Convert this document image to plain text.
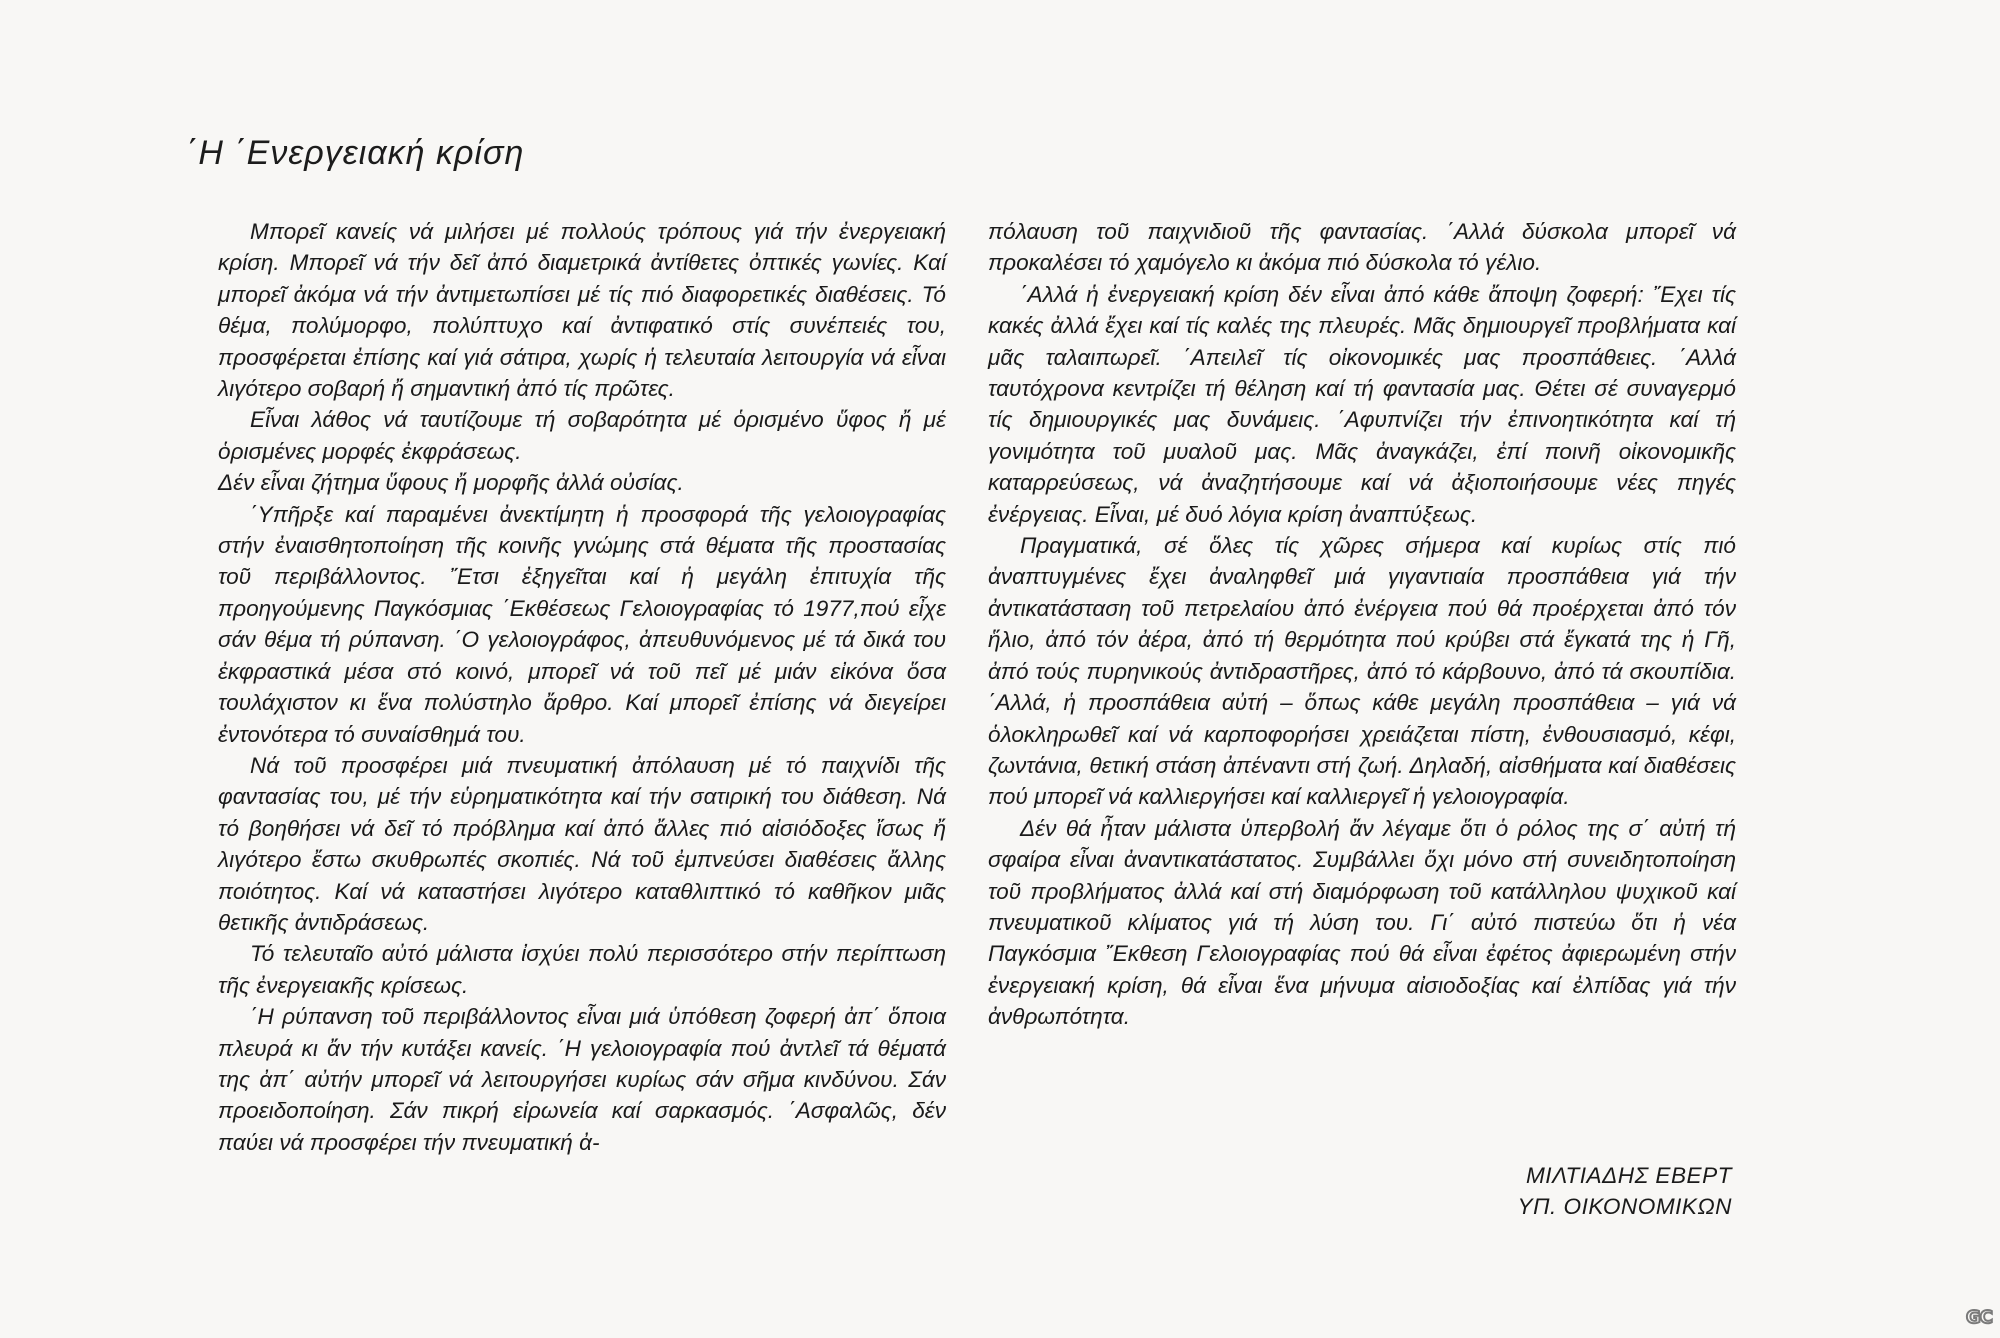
΄Η ΄Ενεργειακή κρίση

Μπορεῖ κανείς νά μιλήσει μέ πολλούς τρόπους γιά τήν ἐνεργειακή κρίση. Μπορεῖ νά τήν δεῖ ἀπό διαμετρικά ἀντίθετες ὀπτικές γωνίες. Καί μπορεῖ ἀκόμα νά τήν ἀντιμετωπίσει μέ τίς πιό διαφορετικές διαθέσεις. Τό θέμα, πολύμορφο, πολύπτυχο καί ἀντιφατικό στίς συνέπειές του, προσφέρεται ἐπίσης καί γιά σάτιρα, χωρίς ἡ τελευταία λειτουργία νά εἶναι λιγότερο σοβαρή ἤ σημαντική ἀπό τίς πρῶτες.

Εἶναι λάθος νά ταυτίζουμε τή σοβαρότητα μέ ὁρισμένο ὕφος ἤ μέ ὁρισμένες μορφές ἐκφράσεως.

Δέν εἶναι ζήτημα ὕφους ἤ μορφῆς ἀλλά οὐσίας.

΄Υπῆρξε καί παραμένει ἀνεκτίμητη ἡ προσφορά τῆς γελοιογραφίας στήν ἐναισθητοποίηση τῆς κοινῆς γνώμης στά θέματα τῆς προστασίας τοῦ περιβάλλοντος. ῎Ετσι ἐξηγεῖται καί ἡ μεγάλη ἐπιτυχία τῆς προηγούμενης Παγκόσμιας ΄Εκθέσεως Γελοιογραφίας τό 1977,πού εἶχε σάν θέμα τή ρύπανση. ΄Ο γελοιογράφος, ἀπευθυνόμενος μέ τά δικά του ἐκφραστικά μέσα στό κοινό, μπορεῖ νά τοῦ πεῖ μέ μιάν εἰκόνα ὅσα τουλάχιστον κι ἕνα πολύστηλο ἄρθρο. Καί μπορεῖ ἐπίσης νά διεγείρει ἐντονότερα τό συναίσθημά του.

Νά τοῦ προσφέρει μιά πνευματική ἀπόλαυση μέ τό παιχνίδι τῆς φαντασίας του, μέ τήν εὑρηματικότητα καί τήν σατιρική του διάθεση. Νά τό βοηθήσει νά δεῖ τό πρόβλημα καί ἀπό ἄλλες πιό αἰσιόδοξες ἴσως ἤ λιγότερο ἔστω σκυθρωπές σκοπιές. Νά τοῦ ἐμπνεύσει διαθέσεις ἄλλης ποιότητος. Καί νά καταστήσει λιγότερο καταθλιπτικό τό καθῆκον μιᾶς θετικῆς ἀντιδράσεως.

Τό τελευταῖο αὐτό μάλιστα ἰσχύει πολύ περισσότερο στήν περίπτωση τῆς ἐνεργειακῆς κρίσεως.

΄Η ρύπανση τοῦ περιβάλλοντος εἶναι μιά ὑπόθεση ζοφερή ἀπ΄ ὅποια πλευρά κι ἄν τήν κυτάξει κανείς. ΄Η γελοιογραφία πού ἀντλεῖ τά θέματά της ἀπ΄ αὐτήν μπορεῖ νά λειτουργήσει κυρίως σάν σῆμα κινδύνου. Σάν προειδοποίηση. Σάν πικρή εἰρωνεία καί σαρκασμός. ΄Ασφαλῶς, δέν παύει νά προσφέρει τήν πνευματική ἀ-

πόλαυση τοῦ παιχνιδιοῦ τῆς φαντασίας. ΄Αλλά δύσκολα μπορεῖ νά προκαλέσει τό χαμόγελο κι ἀκόμα πιό δύσκολα τό γέλιο.

΄Αλλά ἡ ἐνεργειακή κρίση δέν εἶναι ἀπό κάθε ἄποψη ζοφερή: ῎Εχει τίς κακές ἀλλά ἔχει καί τίς καλές της πλευρές. Μᾶς δημιουργεῖ προβλήματα καί μᾶς ταλαιπωρεῖ. ΄Απειλεῖ τίς οἰκονομικές μας προσπάθειες. ΄Αλλά ταυτόχρονα κεντρίζει τή θέληση καί τή φαντασία μας. Θέτει σέ συναγερμό τίς δημιουργικές μας δυνάμεις. ΄Αφυπνίζει τήν ἐπινοητικότητα καί τή γονιμότητα τοῦ μυαλοῦ μας. Μᾶς ἀναγκάζει, ἐπί ποινῆ οἰκονομικῆς καταρρεύσεως, νά ἀναζητήσουμε καί νά ἀξιοποιήσουμε νέες πηγές ἐνέργειας. Εἶναι, μέ δυό λόγια κρίση ἀναπτύξεως.

Πραγματικά, σέ ὅλες τίς χῶρες σήμερα καί κυρίως στίς πιό ἀναπτυγμένες ἔχει ἀναληφθεῖ μιά γιγαντιαία προσπάθεια γιά τήν ἀντικατάσταση τοῦ πετρελαίου ἀπό ἐνέργεια πού θά προέρχεται ἀπό τόν ἥλιο, ἀπό τόν ἀέρα, ἀπό τή θερμότητα πού κρύβει στά ἔγκατά της ἡ Γῆ, ἀπό τούς πυρηνικούς ἀντιδραστῆρες, ἀπό τό κάρβουνο, ἀπό τά σκουπίδια. ΄Αλλά, ἡ προσπάθεια αὐτή – ὅπως κάθε μεγάλη προσπάθεια – γιά νά ὁλοκληρωθεῖ καί νά καρποφορήσει χρειάζεται πίστη, ἐνθουσιασμό, κέφι, ζωντάνια, θετική στάση ἀπέναντι στή ζωή. Δηλαδή, αἰσθήματα καί διαθέσεις πού μπορεῖ νά καλλιεργήσει καί καλλιεργεῖ ἡ γελοιογραφία.

Δέν θά ἦταν μάλιστα ὑπερβολή ἄν λέγαμε ὅτι ὁ ρόλος της σ΄ αὐτή τή σφαίρα εἶναι ἀναντικατάστατος. Συμβάλλει ὄχι μόνο στή συνειδητοποίηση τοῦ προβλήματος ἀλλά καί στή διαμόρφωση τοῦ κατάλληλου ψυχικοῦ καί πνευματικοῦ κλίματος γιά τή λύση του. Γι΄ αὐτό πιστεύω ὅτι ἡ νέα Παγκόσμια ῎Εκθεση Γελοιογραφίας πού θά εἶναι ἐφέτος ἀφιερωμένη στήν ἐνεργειακή κρίση, θά εἶναι ἕνα μήνυμα αἰσιοδοξίας καί ἐλπίδας γιά τήν ἀνθρωπότητα.

ΜΙΛΤΙΑΔΗΣ ΕΒΕΡΤ
ΥΠ. ΟΙΚΟΝΟΜΙΚΩΝ
GC
